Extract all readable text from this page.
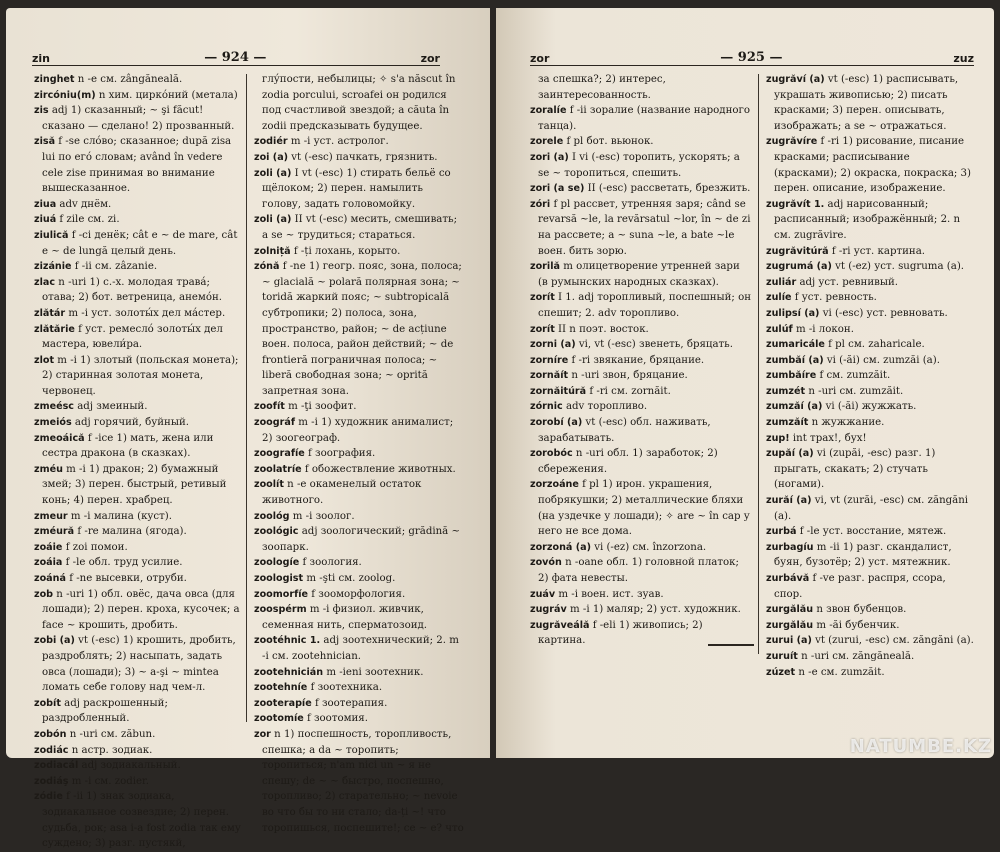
zin	— 924 —	zor

zinghet n -e см. zângăneală.

zircóniu(m) n хим. цирко́ний (метала)

zis adj 1) сказанный; ~ şi făcut! сказано — сделано! 2) прозванный.

zisă f -se сло́во; сказанное; după zisa lui по его́ словам; având în vedere cele zise принимая во внимание вышесказанное.

ziua adv днём.

ziuá f zile см. zi.

ziulică f -ci денёк; cât e ~ de mare, cât e ~ de lungă целый день.

zizánie f -ii см. zâzanie.

zlac n -uri 1) с.-х. молодая трава́; отава; 2) бот. ветреница, анемо́н.

zlătár m -i уст. золоты́х дел ма́стер.

zlătărie f уст. ремесло́ золоты́х дел мастера, ювели́ра.

zlot m -i 1) злотый (польская монета); 2) старинная золотая монета, червонец.

zmeésc adj змеиный.

zmeiós adj горячий, буйный.

zmeoáică f -ice 1) мать, жена или сестра дракона (в сказках).

zméu m -i 1) дракон; 2) бумажный змей; 3) перен. быстрый, ретивый конь; 4) перен. храбрец.

zmeur m -i малина (куст).

zméură f -re малина (ягода).

zoáie f zoi помои.

zoáia f -le обл. труд усилие.

zoáná f -ne высевки, отруби.

zob n -uri 1) обл. овёс, дача овса (для лошади); 2) перен. кроха, кусочек; a face ~ крошить, дробить.

zobi (a) vt (-esc) 1) крошить, дробить, раздроблять; 2) насыпать, задать овса (лошади); 3) ~ a-şi ~ mintea ломать себе голову над чем-л.

zobít adj раскрошенный; раздробленный.

zobón n -uri см. zăbun.

zodiác n астр. зодиак.

zodiacál adj зодиакальный.

zodiáş m -i см. zodier.

zódie f -ii 1) знак зодиака, зодиакальное созвездие; 2) перен. судьба, рок; asa i-a fost zodia так ему суждено; 3) разг. пустякй,

глу́пости, небылицы; ✧ s'a născut în zodia porcului, scroafei он родился под счастливой звездой; a căuta în zodii предсказывать будущее.

zodiér m -i уст. астролог.

zoi (a) vt (-esc) пачкать, грязнить.

zoli (a) I vt (-esc) 1) стирать бельё со щёлоком; 2) перен. намылить голову, задать головомойку.

zoli (a) II vt (-esc) месить, смешивать; a se ~ трудиться; стараться.

zolniță f -ți лохань, корыто.

zónă f -ne 1) геогр. пояс, зона, полоса; ~ glacială ~ polară полярная зона; ~ toridă жаркий пояс; ~ subtropicală субтропики; 2) полоса, зона, пространство, район; ~ de acțiune воен. полоса, район действий; ~ de frontieră пограничная полоса; ~ liberă свободная зона; ~ oprită запретная зона.

zoofít m -ţi зоофит.

zoográf m -i 1) художник анималист; 2) зоогеограф.

zoografíe f зоография.

zoolatríe f обожествление животных.

zoolít n -e окаменелый остаток животного.

zoológ m -i зоолог.

zoológic adj зоологический; grădină ~ зоопарк.

zoologíe f зоология.

zoologist m -şti см. zoolog.

zoomorfíe f зооморфология.

zoospérm m -i физиол. живчик, семенная нить, сперматозоид.

zootéhnic 1. adj зоотехнический; 2. m -i см. zootehnician.

zootehnicián m -ieni зоотехник.

zootehníe f зоотехника.

zooterapíe f зоотерапия.

zootomíe f зоотомия.

zor n 1) поспешность, торопливость, спешка; a da ~ торопить; торопиться; n'am nici un ~ я не спешу; de ~ ~ быстро, поспешно, торопливо; 2) старательно; ~ nevoie во что бы то ни стало; da-ți ~! что торопишься, поспешите!; ce ~ e? что

zor	— 925 —	zuz

за спешка?; 2) интерес, заинтересованность.

zoralíe f -ii зоралие (название народного танца).

zorele f pl бот. вьюнок.

zori (a) I vi (-esc) торопить, ускорять; a se ~ торопиться, спешить.

zori (a se) II (-esc) рассветать, брезжить.

zóri f pl рассвет, утренняя заря; când se revarsă ~le, la revărsatul ~lor, în ~ de zi на рассвете; a ~ suna ~le, a bate ~le воен. бить зорю.

zorilă m олицетворение утренней зари (в румынских народных сказках).

zorít I 1. adj торопливый, поспешный; он спешит; 2. adv торопливо.

zorít II n поэт. восток.

zorni (a) vi, vt (-esc) звенеть, бряцать.

zorníre f -ri звякание, бряцание.

zornăít n -uri звон, бряцание.

zornăitúră f -ri см. zornăit.

zórnic adv торопливо.

zorobí (a) vt (-esc) обл. наживать, зарабатывать.

zorobóc n -uri обл. 1) заработок; 2) сбережения.

zorzoáne f pl 1) ирон. украшения, побрякушки; 2) металлические бляхи (на уздечке у лошади); ✧ are ~ în cap у него не все дома.

zorzoná (a) vi (-ez) см. înzorzona.

zovón n -oane обл. 1) головной платок; 2) фата невесты.

zuáv m -i воен. ист. зуав.

zugráv m -i 1) маляр; 2) уст. художник.

zugrăveálă f -eli 1) живопись; 2) картина.

zugrăví (a) vt (-esc) 1) расписывать, украшать живописью; 2) писать красками; 3) перен. описывать, изображать; a se ~ отражаться.

zugrăvíre f -ri 1) рисование, писание красками; расписывание (красками); 2) окраска, покраска; 3) перен. описание, изображение.

zugrăvít 1. adj нарисованный; расписанный; изображённый; 2. n см. zugrăvire.

zugrăvitúră f -ri уст. картина.

zugrumá (a) vt (-ez) уст. sugruma (a).

zuliár adj уст. ревнивый.

zulíe f уст. ревность.

zulipsí (a) vi (-esc) уст. ревновать.

zulúf m -i локон.

zumaricále f pl см. zaharicale.

zumbăí (a) vi (-ăi) см. zumzăi (a).

zumbăíre f см. zumzăit.

zumzét n -uri см. zumzăit.

zumzăí (a) vi (-ăi) жужжать.

zumzăít n жужжание.

zup! int трах!, бух!

zupăí (a) vi (zupăi, -esc) разг. 1) прыгать, скакать; 2) стучать (ногами).

zurăí (a) vi, vt (zurăi, -esc) см. zăngăni (a).

zurbá f -le уст. восстание, мятеж.

zurbagíu m -ii 1) разг. скандалист, буян, бузотёр; 2) уст. мятежник.

zurbávă f -ve разг. распря, ссора, спор.

zurgălău n звон бубенцов.

zurgălău m -ăi бубенчик.

zurui (a) vt (zurui, -esc) см. zăngăni (a).

zuruít n -uri см. zăngăneală.

zúzet n -e см. zumzăit.

NATUMBE.KZ
